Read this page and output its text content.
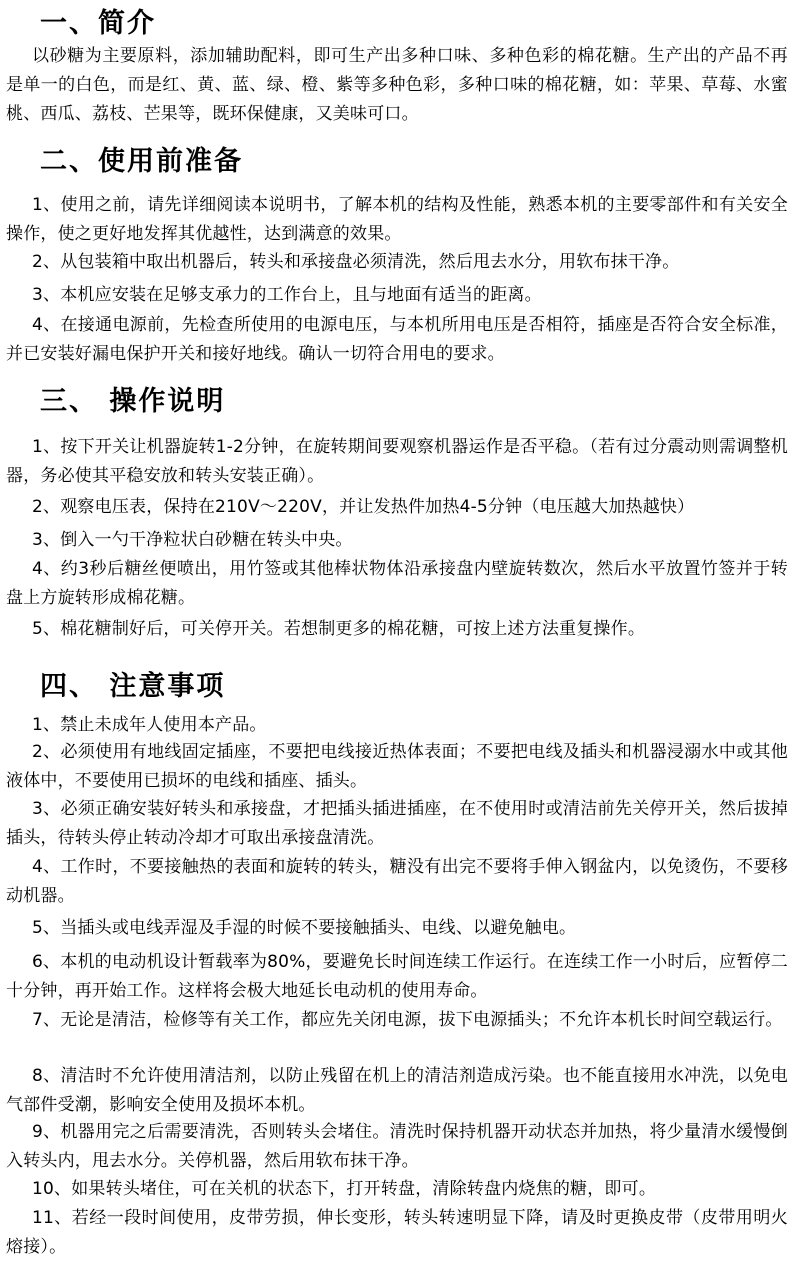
一、简介
以砂糖为主要原料，添加辅助配料，即可生产出多种口味、多种色彩的棉花糖。生产出的产品不再是单一的白色，而是红、黄、蓝、绿、橙、紫等多种色彩，多种口味的棉花糖，如：苹果、草莓、水蜜桃、西瓜、荔枝、芒果等，既环保健康，又美味可口。
二、使用前准备
1、使用之前，请先详细阅读本说明书，了解本机的结构及性能，熟悉本机的主要零部件和有关安全操作，使之更好地发挥其优越性，达到满意的效果。
2、从包装箱中取出机器后，转头和承接盘必须清洗，然后甩去水分，用软布抹干净。
3、本机应安装在足够支承力的工作台上，且与地面有适当的距离。
4、在接通电源前，先检查所使用的电源电压，与本机所用电压是否相符，插座是否符合安全标准，并已安装好漏电保护开关和接好地线。确认一切符合用电的要求。
三、 操作说明
1、按下开关让机器旋转1-2分钟，在旋转期间要观察机器运作是否平稳。（若有过分震动则需调整机器，务必使其平稳安放和转头安装正确）。
2、观察电压表，保持在210V～220V，并让发热件加热4-5分钟（电压越大加热越快）
3、倒入一勺干净粒状白砂糖在转头中央。
4、约3秒后糖丝便喷出，用竹签或其他棒状物体沿承接盘内壁旋转数次，然后水平放置竹签并于转盘上方旋转形成棉花糖。
5、棉花糖制好后，可关停开关。若想制更多的棉花糖，可按上述方法重复操作。
四、 注意事项
1、禁止未成年人使用本产品。
2、必须使用有地线固定插座，不要把电线接近热体表面；不要把电线及插头和机器浸溺水中或其他液体中，不要使用已损坏的电线和插座、插头。
3、必须正确安装好转头和承接盘，才把插头插进插座，在不使用时或清洁前先关停开关，然后拔掉插头，待转头停止转动冷却才可取出承接盘清洗。
4、工作时，不要接触热的表面和旋转的转头，糖没有出完不要将手伸入钢盆内，以免烫伤，不要移动机器。
5、当插头或电线弄湿及手湿的时候不要接触插头、电线、以避免触电。
6、本机的电动机设计暂载率为80%，要避免长时间连续工作运行。在连续工作一小时后，应暂停二十分钟，再开始工作。这样将会极大地延长电动机的使用寿命。
7、无论是清洁，检修等有关工作，都应先关闭电源，拔下电源插头；不允许本机长时间空载运行。
8、清洁时不允许使用清洁剂，以防止残留在机上的清洁剂造成污染。也不能直接用水冲洗，以免电气部件受潮，影响安全使用及损坏本机。
9、机器用完之后需要清洗，否则转头会堵住。清洗时保持机器开动状态并加热，将少量清水缓慢倒入转头内，甩去水分。关停机器，然后用软布抹干净。
10、如果转头堵住，可在关机的状态下，打开转盘，清除转盘内烧焦的糖，即可。
11、若经一段时间使用，皮带劳损，伸长变形，转头转速明显下降，请及时更换皮带（皮带用明火熔接）。
